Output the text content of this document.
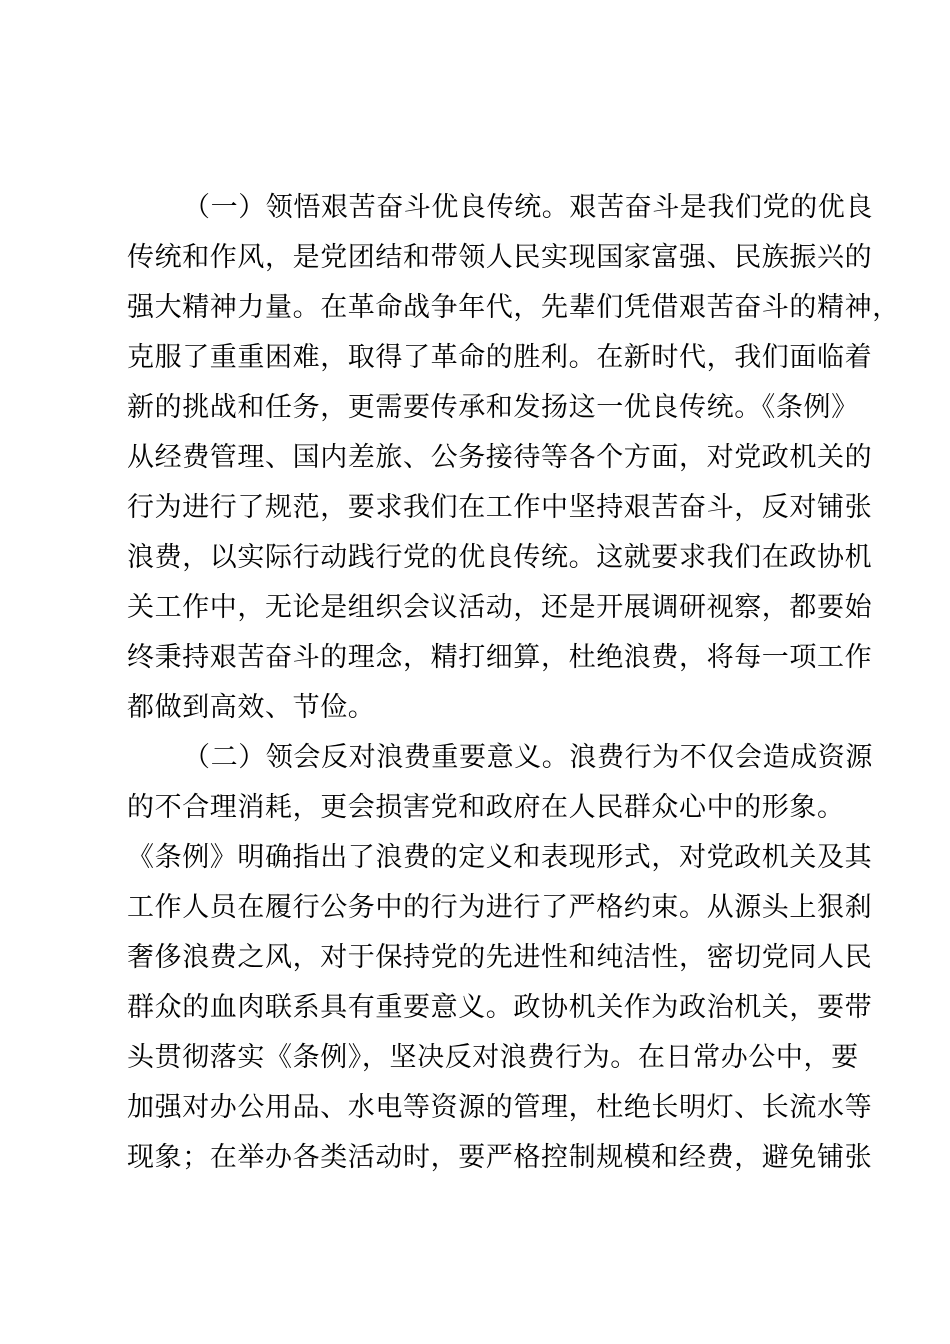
（一）领悟艰苦奋斗优良传统。艰苦奋斗是我们党的优良
传统和作风，是党团结和带领人民实现国家富强、民族振兴的
强大精神力量。在革命战争年代，先辈们凭借艰苦奋斗的精神，
克服了重重困难，取得了革命的胜利。在新时代，我们面临着
新的挑战和任务，更需要传承和发扬这一优良传统。《条例》
从经费管理、国内差旅、公务接待等各个方面，对党政机关的
行为进行了规范，要求我们在工作中坚持艰苦奋斗，反对铺张
浪费，以实际行动践行党的优良传统。这就要求我们在政协机
关工作中，无论是组织会议活动，还是开展调研视察，都要始
终秉持艰苦奋斗的理念，精打细算，杜绝浪费，将每一项工作
都做到高效、节俭。
（二）领会反对浪费重要意义。浪费行为不仅会造成资源
的不合理消耗，更会损害党和政府在人民群众心中的形象。
《条例》明确指出了浪费的定义和表现形式，对党政机关及其
工作人员在履行公务中的行为进行了严格约束。从源头上狠刹
奢侈浪费之风，对于保持党的先进性和纯洁性，密切党同人民
群众的血肉联系具有重要意义。政协机关作为政治机关，要带
头贯彻落实《条例》，坚决反对浪费行为。在日常办公中，要
加强对办公用品、水电等资源的管理，杜绝长明灯、长流水等
现象；在举办各类活动时，要严格控制规模和经费，避免铺张
